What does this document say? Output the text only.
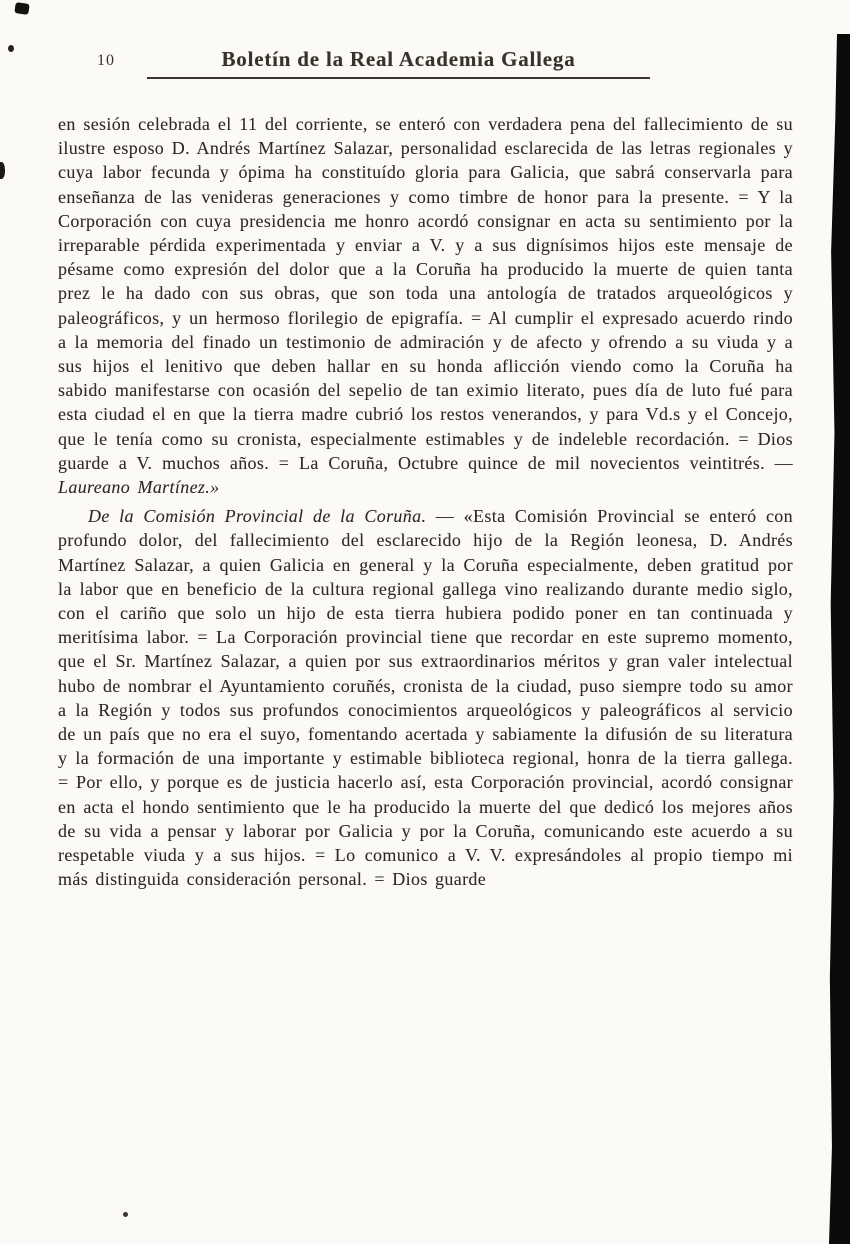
10	Boletín de la Real Academia Gallega

en sesión celebrada el 11 del corriente, se enteró con verdadera pena del fallecimiento de su ilustre esposo D. Andrés Martínez Salazar, personalidad esclarecida de las letras regionales y cuya labor fecunda y ópima ha constituído gloria para Galicia, que sabrá conservarla para enseñanza de las venideras generaciones y como timbre de honor para la presente. = Y la Corporación con cuya presidencia me honro acordó consignar en acta su sentimiento por la irreparable pérdida experimentada y enviar a V. y a sus dignísimos hijos este mensaje de pésame como expresión del dolor que a la Coruña ha producido la muerte de quien tanta prez le ha dado con sus obras, que son toda una antología de tratados arqueológicos y paleográficos, y un hermoso florilegio de epigrafía. = Al cumplir el expresado acuerdo rindo a la memoria del finado un testimonio de admiración y de afecto y ofrendo a su viuda y a sus hijos el lenitivo que deben hallar en su honda aflicción viendo como la Coruña ha sabido manifestarse con ocasión del sepelio de tan eximio literato, pues día de luto fué para esta ciudad el en que la tierra madre cubrió los restos venerandos, y para Vd.s y el Concejo, que le tenía como su cronista, especialmente estimables y de indeleble recordación. = Dios guarde a V. muchos años. = La Coruña, Octubre quince de mil novecientos veintitrés. — Laureano Martínez.»

De la Comisión Provincial de la Coruña. — «Esta Comisión Provincial se enteró con profundo dolor, del fallecimiento del esclarecido hijo de la Región leonesa, D. Andrés Martínez Salazar, a quien Galicia en general y la Coruña especialmente, deben gratitud por la labor que en beneficio de la cultura regional gallega vino realizando durante medio siglo, con el cariño que solo un hijo de esta tierra hubiera podido poner en tan continuada y meritísima labor. = La Corporación provincial tiene que recordar en este supremo momento, que el Sr. Martínez Salazar, a quien por sus extraordinarios méritos y gran valer intelectual hubo de nombrar el Ayuntamiento coruñés, cronista de la ciudad, puso siempre todo su amor a la Región y todos sus profundos conocimientos arqueológicos y paleográficos al servicio de un país que no era el suyo, fomentando acertada y sabiamente la difusión de su literatura y la formación de una importante y estimable biblioteca regional, honra de la tierra gallega. = Por ello, y porque es de justicia hacerlo así, esta Corporación provincial, acordó consignar en acta el hondo sentimiento que le ha producido la muerte del que dedicó los mejores años de su vida a pensar y laborar por Galicia y por la Coruña, comunicando este acuerdo a su respetable viuda y a sus hijos. = Lo comunico a V. V. expresándoles al propio tiempo mi más distinguida consideración personal. = Dios guarde
